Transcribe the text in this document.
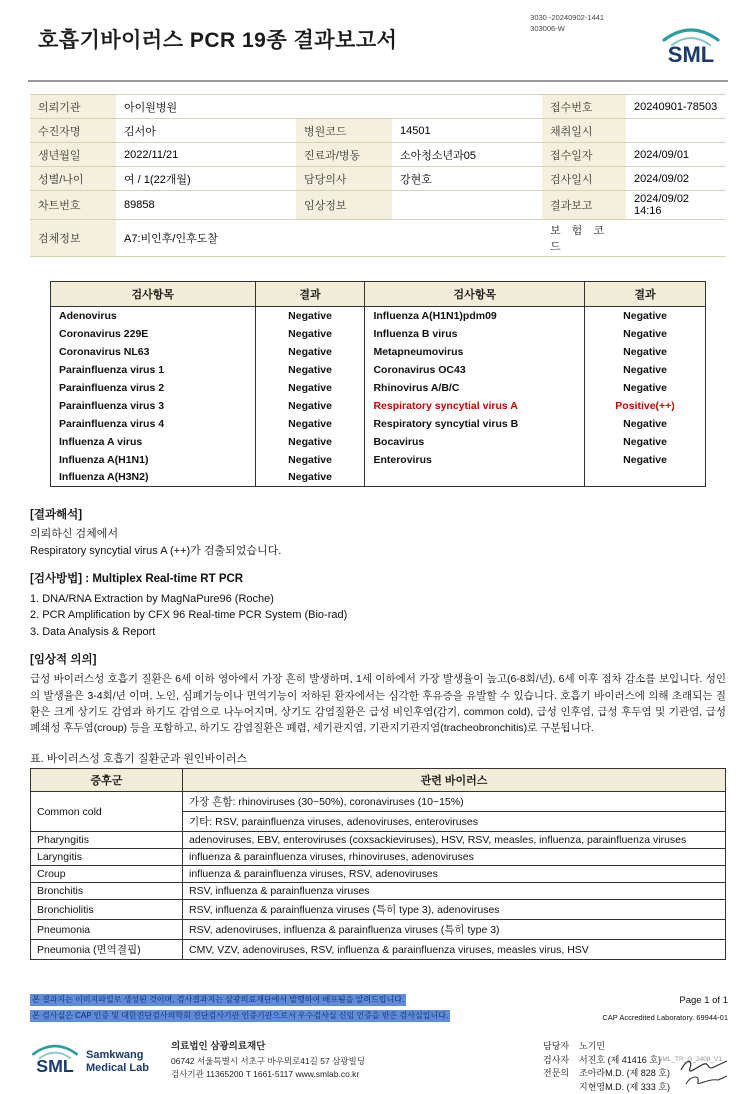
호흡기바이러스 PCR 19종 결과보고서
3030 -20240902-1441
303006-W
SML
의뢰기관	아이원병원			접수번호	20240901-78503
수진자명	김서아	병원코드	14501	채취일시	
생년월일	2022/11/21	진료과/병동	소아청소년과05	접수일자	2024/09/01
성별/나이	여 / 1(22개월)	담당의사	강현호	검사일시	2024/09/02
차트번호	89858	임상정보		결과보고	2024/09/02 14:16
검체정보	A7:비인후/인후도찰			보 험 코 드	
검사항목	결과	검사항목	결과
Adenovirus	Negative	Influenza A(H1N1)pdm09	Negative
Coronavirus 229E	Negative	Influenza B virus	Negative
Coronavirus NL63	Negative	Metapneumovirus	Negative
Parainfluenza virus 1	Negative	Coronavirus OC43	Negative
Parainfluenza virus 2	Negative	Rhinovirus A/B/C	Negative
Parainfluenza virus 3	Negative	Respiratory syncytial virus A	Positive(++)
Parainfluenza virus 4	Negative	Respiratory syncytial virus B	Negative
Influenza A virus	Negative	Bocavirus	Negative
Influenza A(H1N1)	Negative	Enterovirus	Negative
Influenza A(H3N2)	Negative		
[결과해석]
의뢰하신 검체에서
Respiratory syncytial virus A (++)가 검출되었습니다.
[검사방법] : Multiplex Real-time RT PCR
1. DNA/RNA Extraction by MagNaPure96 (Roche)
2. PCR Amplification by CFX 96 Real-time PCR System (Bio-rad)
3. Data Analysis & Report
[임상적 의의]
급성 바이러스성 호흡기 질환은 6세 이하 영아에서 가장 흔히 발생하며, 1세 이하에서 가장 발생율이 높고(6-8회/년), 6세 이후 점차 감소를 보입니다. 성인의 발생율은 3-4회/년 이며, 노인, 심폐기능이나 면역기능이 저하된 환자에서는 심각한 후유증을 유발할 수 있습니다. 호흡기 바이러스에 의해 초래되는 질환은 크게 상기도 감염과 하기도 감염으로 나누어지며, 상기도 감염질환은 급성 비인후염(감기, common cold), 급성 인후염, 급성 후두염 및 기관염, 급성 폐쇄성 후두염(croup) 등을 포함하고, 하기도 감염질환은 폐렴, 세기관지염, 기관지기관지염(tracheobronchitis)로 구분됩니다.
표. 바이러스성 호흡기 질환군과 원인바이러스
증후군	관련 바이러스
Common cold	가장 흔함: rhinoviruses (30~50%), coronaviruses (10~15%)
기타: RSV, parainfluenza viruses, adenoviruses, enteroviruses

Pharyngitis	adenoviruses, EBV, enteroviruses (coxsackieviruses), HSV, RSV, measles, influenza, parainfluenza viruses
Laryngitis	influenza & parainfluenza viruses, rhinoviruses, adenoviruses
Croup	influenza & parainfluenza viruses, RSV, adenoviruses
Bronchitis	RSV, influenza & parainfluenza viruses
Bronchiolitis	RSV, influenza & parainfluenza viruses (특히 type 3), adenoviruses
Pneumonia	RSV, adenoviruses, influenza & parainfluenza viruses (특히 type 3)
Pneumonia (면역결핍)	CMV, VZV, adenoviruses, RSV, influenza & parainfluenza viruses, measles virus, HSV
본 결과지는 이미지파일로 생성된 것이며, 검사결과지는 삼광의료재단에서 발행하여 배포됨을 알려드립니다.	Page 1 of 1
본 검사실은 CAP 인증 및 대한진단검사의학회 진단검사기관 인증기관으로서 우수검사실 신임 인증을 받은 검사실입니다.	CAP Accredited Laboratory. 69944-01
SML
Samkwang
Medical Lab
의료법인 삼광의료재단
06742 서울특별시 서초구 바우뫼로41길 57 삼광빌딩
검사기관 11365200 T 1661-5117 www.smlab.co.kr
담당자 노기민
검사자 서진호 (제 41416 호)
전문의 조아라M.D. (제 828 호)
지현영M.D. (제 333 호)
SML_TR_G_2408_V1
